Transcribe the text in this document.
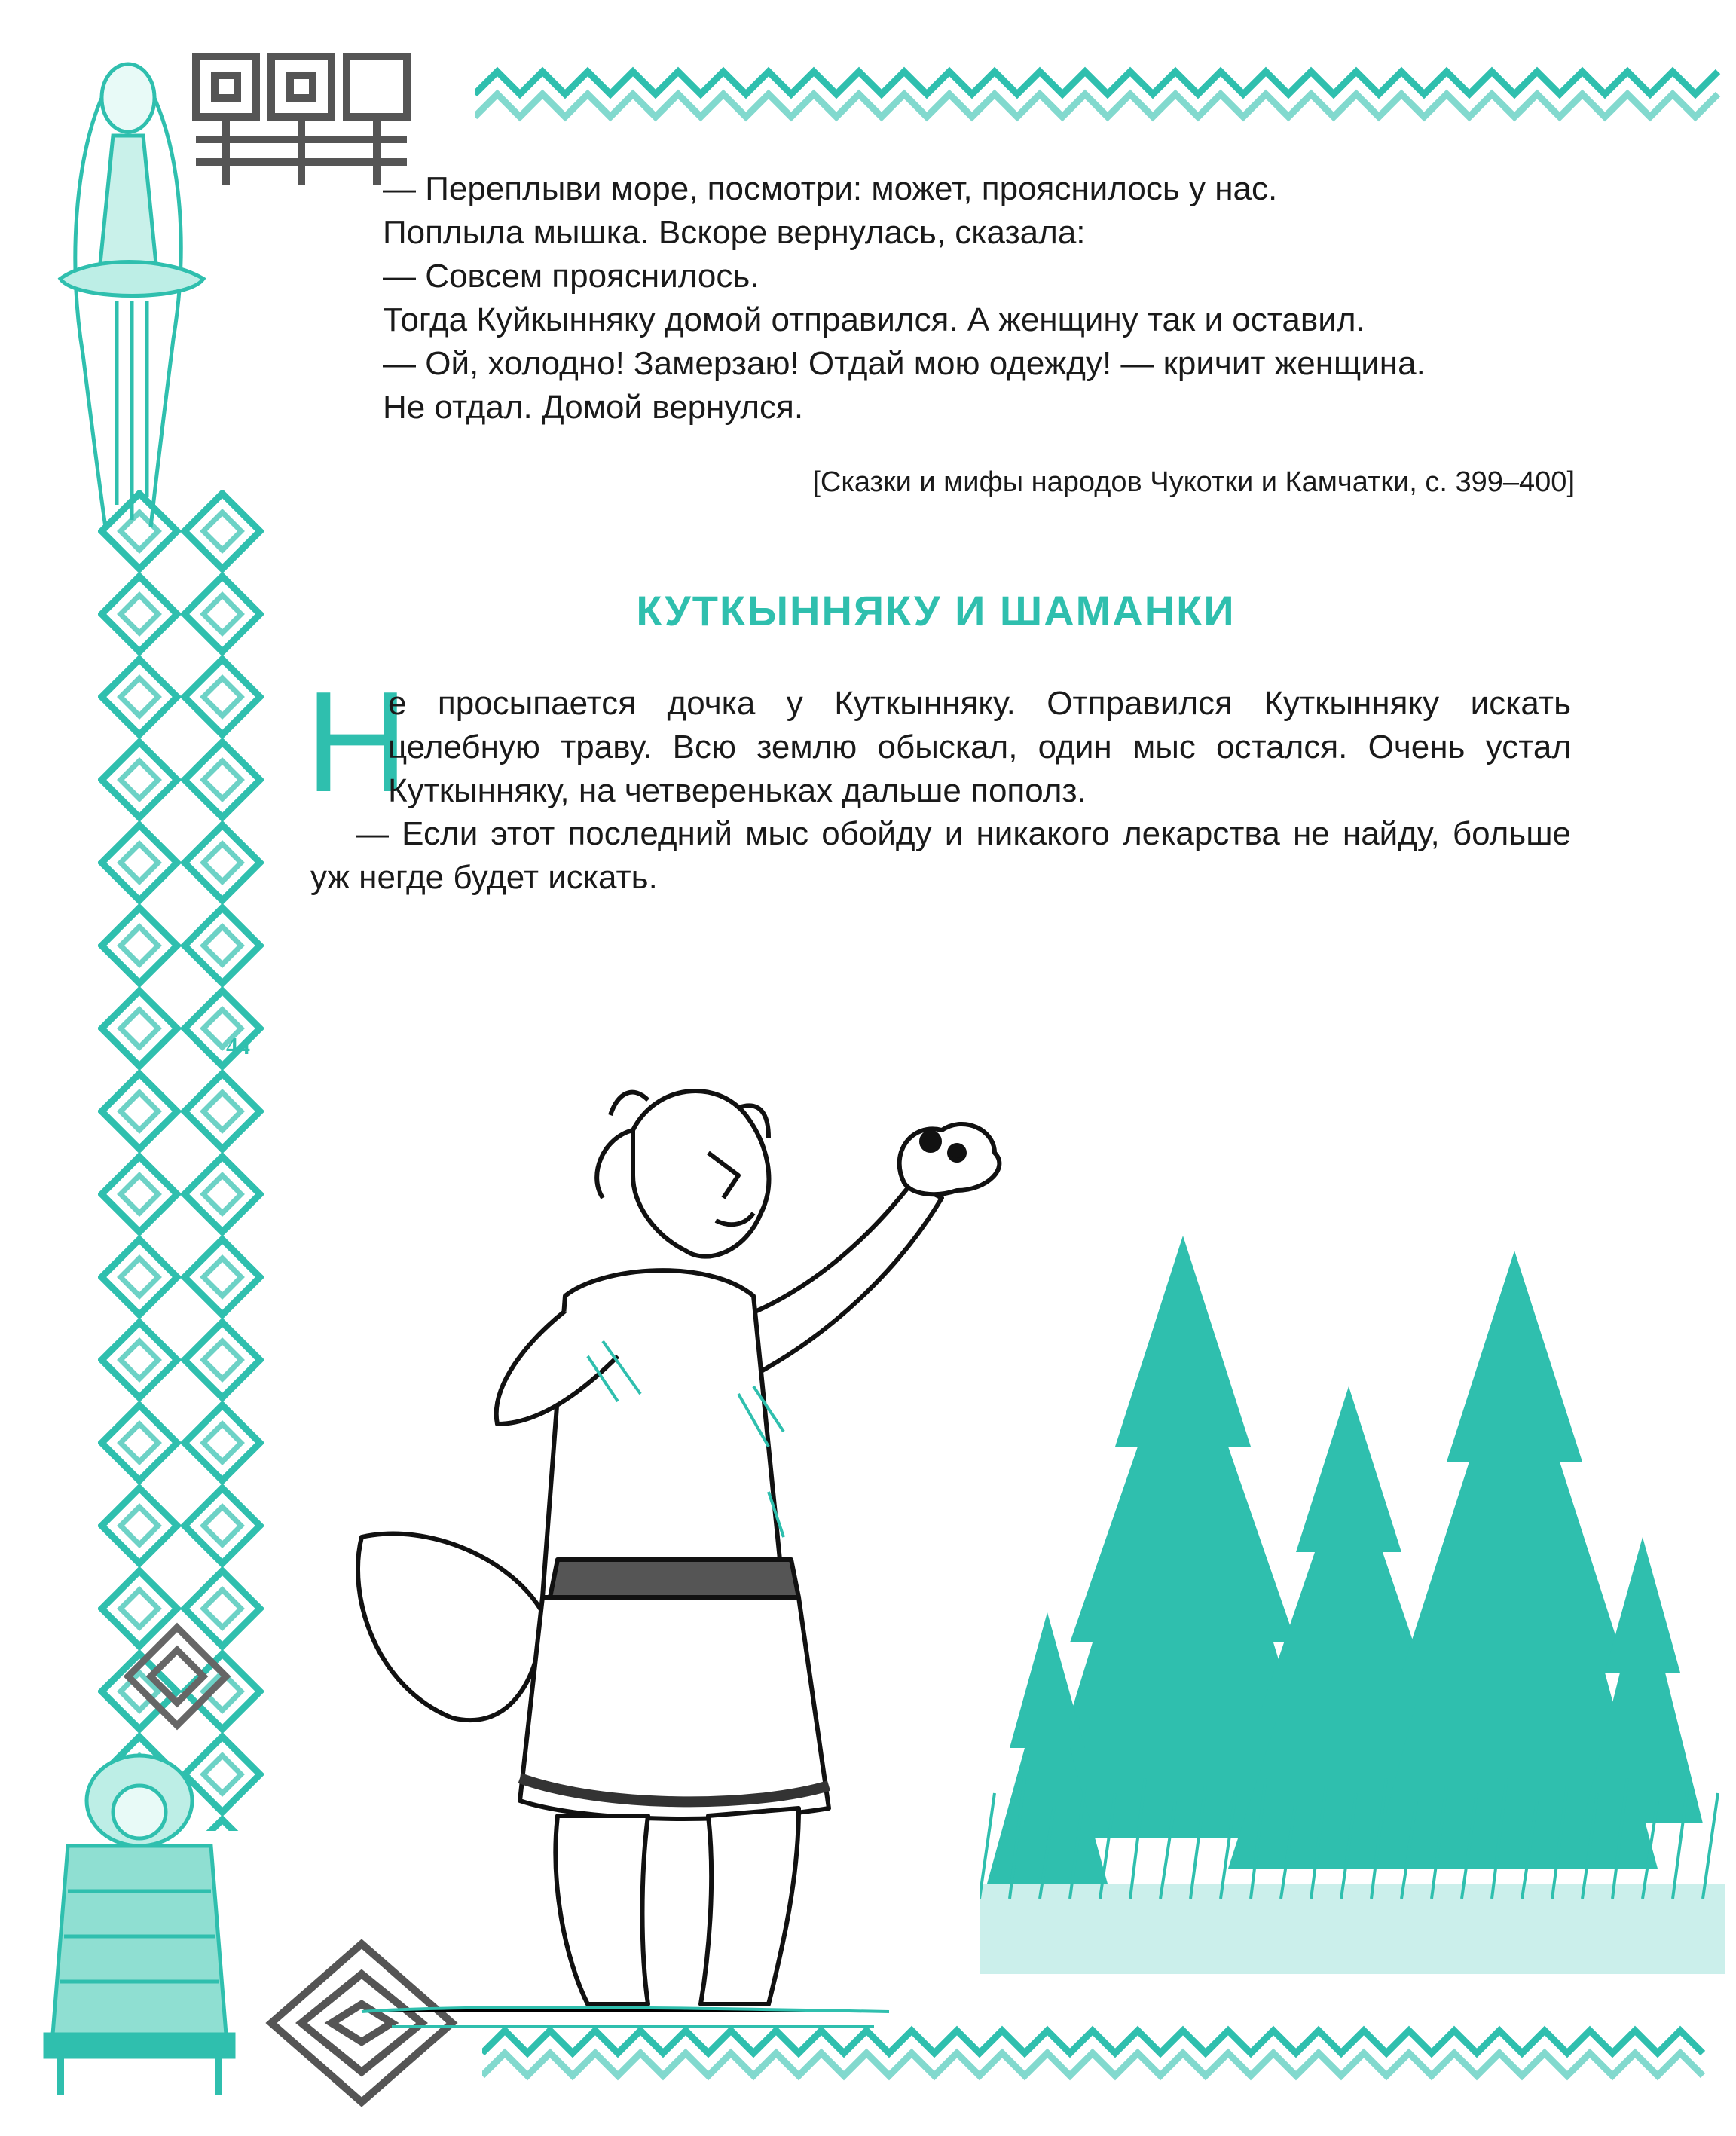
— Переплыви море, посмотри: может, прояснилось у нас.

Поплыла мышка. Вскоре вернулась, сказала:

— Совсем прояснилось.

Тогда Куйкынняку домой отправился. А женщину так и оставил.

— Ой, холодно! Замерзаю! Отдай мою одежду! — кричит женщина.

Не отдал. Домой вернулся.

[Сказки и мифы народов Чукотки и Камчатки, с. 399–400]
КУТКЫННЯКУ И ШАМАНКИ
Н
е просыпается дочка у Куткынняку. Отправился Куткынняку искать целебную траву. Всю землю обыскал, один мыс остался. Очень устал Куткынняку, на четвереньках дальше пополз.
— Если этот последний мыс обойду и никакого лекарства не найду, больше уж негде будет искать.
44
